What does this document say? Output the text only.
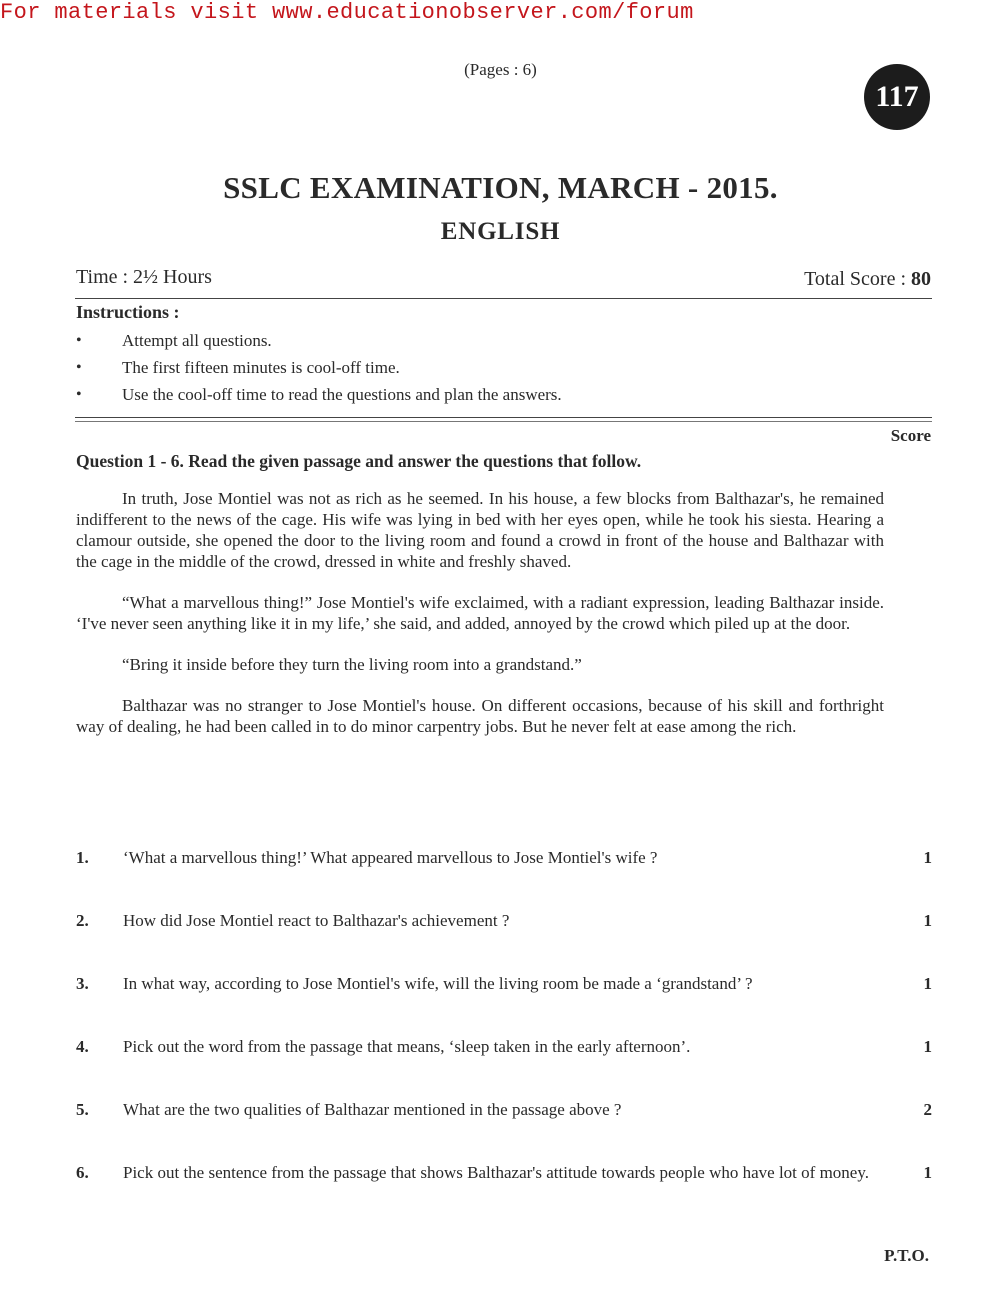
For materials visit www.educationobserver.com/forum
(Pages : 6)
117
SSLC EXAMINATION, MARCH - 2015.
ENGLISH
Time : 2½ Hours	Total Score : 80
Instructions :
• Attempt all questions.
• The first fifteen minutes is cool-off time.
• Use the cool-off time to read the questions and plan the answers.
Score
Question 1 - 6. Read the given passage and answer the questions that follow.

In truth, Jose Montiel was not as rich as he seemed. In his house, a few blocks from Balthazar's, he remained indifferent to the news of the cage. His wife was lying in bed with her eyes open, while he took his siesta. Hearing a clamour outside, she opened the door to the living room and found a crowd in front of the house and Balthazar with the cage in the middle of the crowd, dressed in white and freshly shaved.

“What a marvellous thing!” Jose Montiel's wife exclaimed, with a radiant expression, leading Balthazar inside. ‘I've never seen anything like it in my life,’ she said, and added, annoyed by the crowd which piled up at the door.

“Bring it inside before they turn the living room into a grandstand.”

Balthazar was no stranger to Jose Montiel's house. On different occasions, because of his skill and forthright way of dealing, he had been called in to do minor carpentry jobs. But he never felt at ease among the rich.

1. ‘What a marvellous thing!’ What appeared marvellous to Jose Montiel's wife ?	1
2. How did Jose Montiel react to Balthazar's achievement ?	1
3. In what way, according to Jose Montiel's wife, will the living room be made a ‘grandstand’ ?	1
4. Pick out the word from the passage that means, ‘sleep taken in the early afternoon’.	1
5. What are the two qualities of Balthazar mentioned in the passage above ?	2
6. Pick out the sentence from the passage that shows Balthazar's attitude towards people who have lot of money.	1
P.T.O.
